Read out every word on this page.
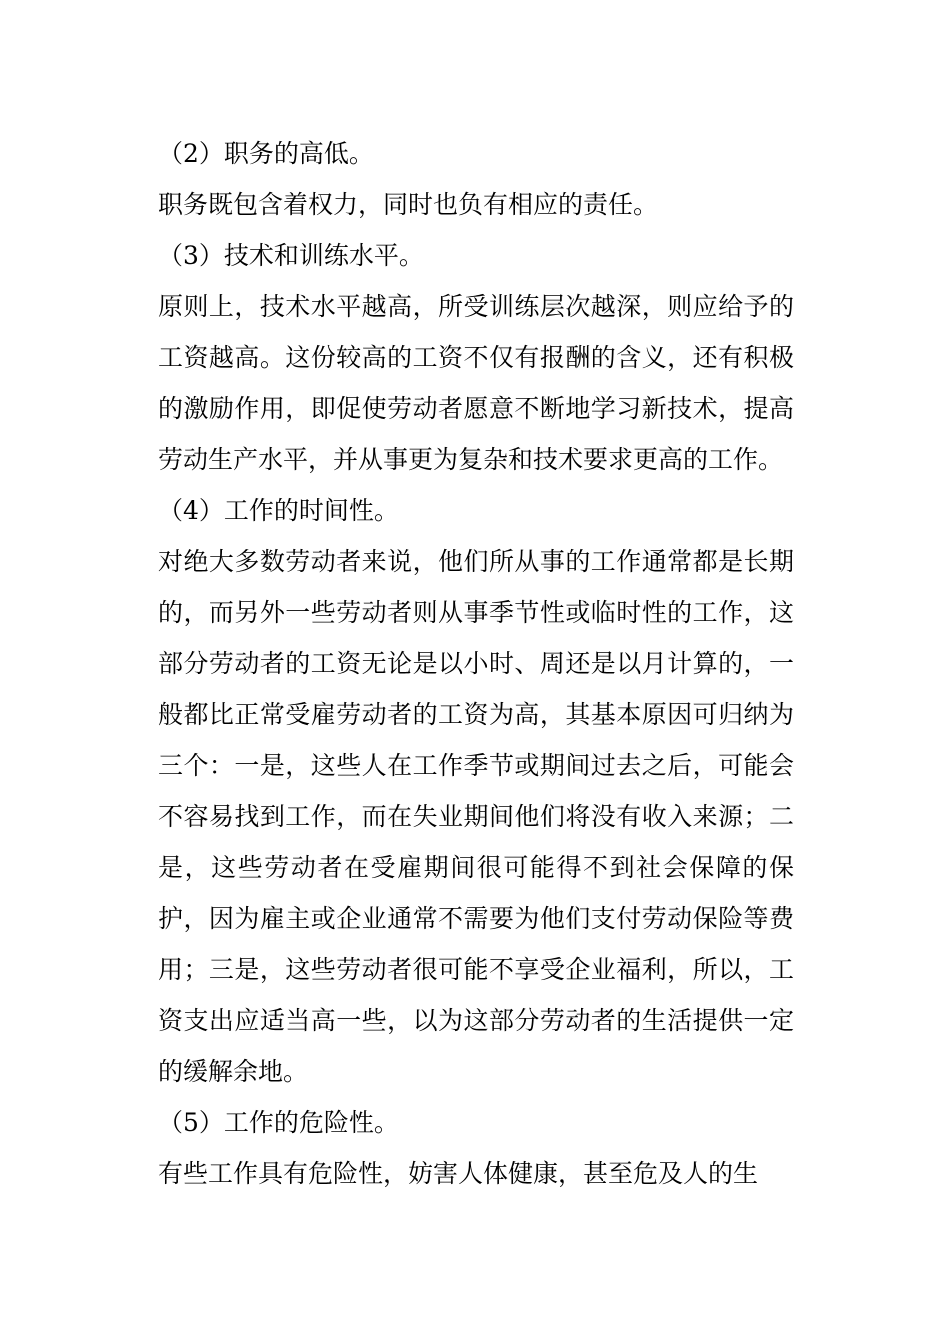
（2）职务的高低。

职务既包含着权力，同时也负有相应的责任。

（3）技术和训练水平。

原则上，技术水平越高，所受训练层次越深，则应给予的工资越高。这份较高的工资不仅有报酬的含义，还有积极的激励作用，即促使劳动者愿意不断地学习新技术，提高劳动生产水平，并从事更为复杂和技术要求更高的工作。

（4）工作的时间性。

对绝大多数劳动者来说，他们所从事的工作通常都是长期的，而另外一些劳动者则从事季节性或临时性的工作，这部分劳动者的工资无论是以小时、周还是以月计算的，一般都比正常受雇劳动者的工资为高，其基本原因可归纳为三个：一是，这些人在工作季节或期间过去之后，可能会不容易找到工作，而在失业期间他们将没有收入来源；二是，这些劳动者在受雇期间很可能得不到社会保障的保护，因为雇主或企业通常不需要为他们支付劳动保险等费用；三是，这些劳动者很可能不享受企业福利，所以，工资支出应适当高一些，以为这部分劳动者的生活提供一定的缓解余地。

（5）工作的危险性。

有些工作具有危险性，妨害人体健康，甚至危及人的生
